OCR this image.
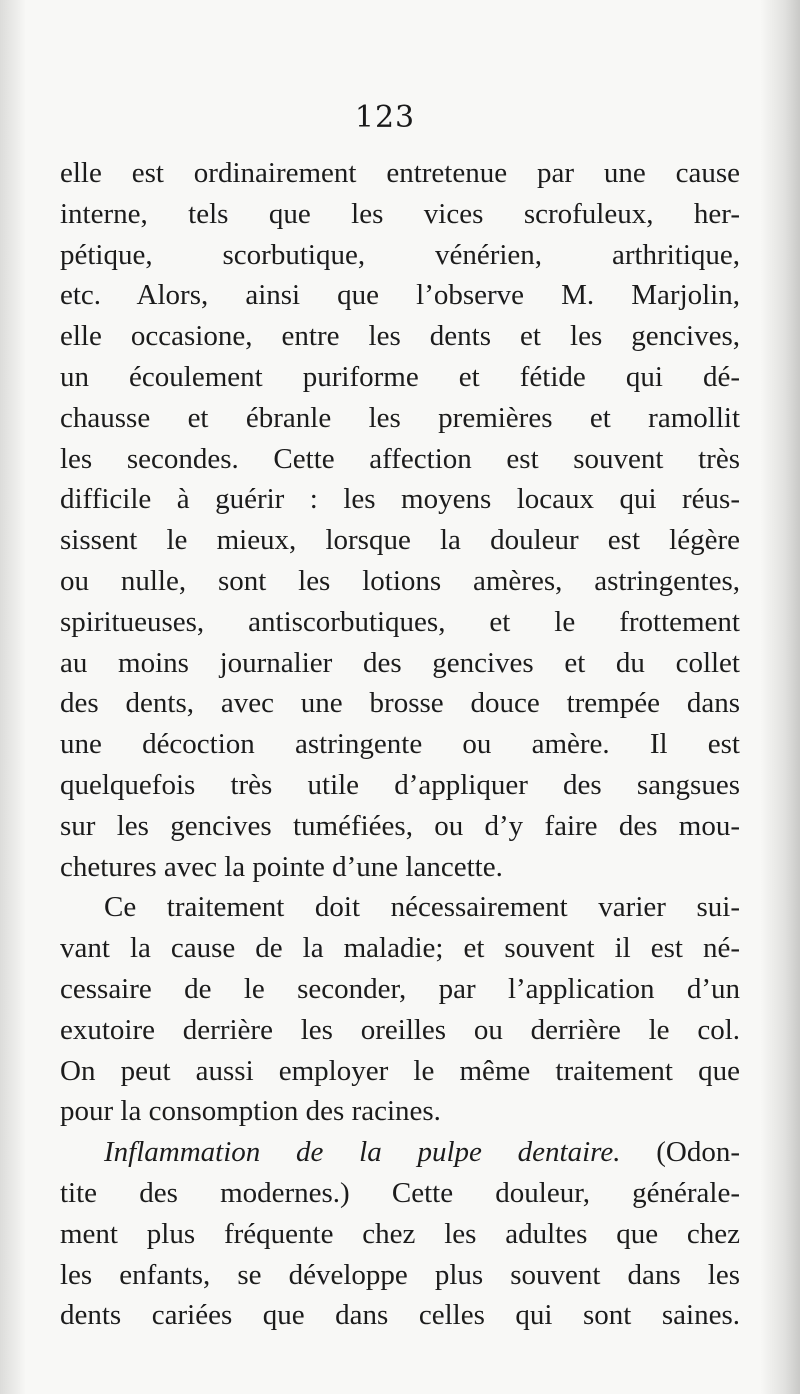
123
elle est ordinairement entretenue par une cause
interne, tels que les vices scrofuleux, her-
pétique, scorbutique, vénérien, arthritique,
etc. Alors, ainsi que l’observe M. Marjolin,
elle occasione, entre les dents et les gencives,
un écoulement puriforme et fétide qui dé-
chausse et ébranle les premières et ramollit
les secondes. Cette affection est souvent très
difficile à guérir : les moyens locaux qui réus-
sissent le mieux, lorsque la douleur est légère
ou nulle, sont les lotions amères, astringentes,
spiritueuses, antiscorbutiques, et le frottement
au moins journalier des gencives et du collet
des dents, avec une brosse douce trempée dans
une décoction astringente ou amère. Il est
quelquefois très utile d’appliquer des sangsues
sur les gencives tuméfiées, ou d’y faire des mou-
chetures avec la pointe d’une lancette.
Ce traitement doit nécessairement varier sui-
vant la cause de la maladie; et souvent il est né-
cessaire de le seconder, par l’application d’un
exutoire derrière les oreilles ou derrière le col.
On peut aussi employer le même traitement que
pour la consomption des racines.
Inflammation de la pulpe dentaire. (Odon-
tite des modernes.) Cette douleur, générale-
ment plus fréquente chez les adultes que chez
les enfants, se développe plus souvent dans les
dents cariées que dans celles qui sont saines.
